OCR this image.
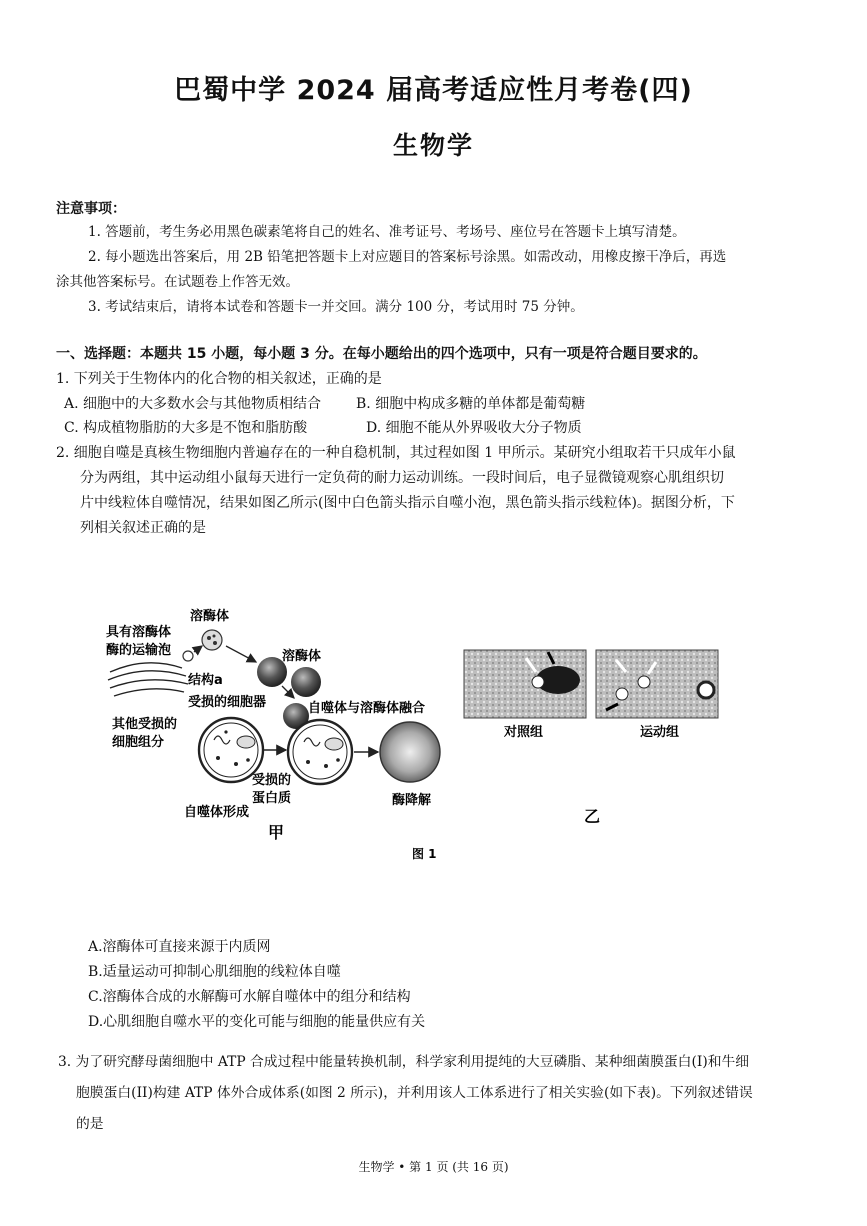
巴蜀中学 2024 届高考适应性月考卷(四)
生物学
注意事项：
1. 答题前，考生务必用黑色碳素笔将自己的姓名、准考证号、考场号、座位号在答题卡上填写清楚。
2. 每小题选出答案后，用 2B 铅笔把答题卡上对应题目的答案标号涂黑。如需改动，用橡皮擦干净后，再选
涂其他答案标号。在试题卷上作答无效。
3. 考试结束后，请将本试卷和答题卡一并交回。满分 100 分，考试用时 75 分钟。
一、选择题：本题共 15 小题，每小题 3 分。在每小题给出的四个选项中，只有一项是符合题目要求的。
1. 下列关于生物体内的化合物的相关叙述，正确的是
A. 细胞中的大多数水会与其他物质相结合 B. 细胞中构成多糖的单体都是葡萄糖
C. 构成植物脂肪的大多是不饱和脂肪酸	D. 细胞不能从外界吸收大分子物质
2. 细胞自噬是真核生物细胞内普遍存在的一种自稳机制，其过程如图 1 甲所示。某研究小组取若干只成年小鼠
分为两组，其中运动组小鼠每天进行一定负荷的耐力运动训练。一段时间后，电子显微镜观察心肌组织切
片中线粒体自噬情况，结果如图乙所示(图中白色箭头指示自噬小泡，黑色箭头指示线粒体)。据图分析，下
列相关叙述正确的是
溶酶体
具有溶酶体
酶的运输泡
结构a
溶酶体
受损的细胞器	自噬体与溶酶体融合
其他受损的
细胞组分
受损的
蛋白质	酶降解
自噬体形成
甲
对照组	运动组
乙
图 1
A.溶酶体可直接来源于内质网
B.适量运动可抑制心肌细胞的线粒体自噬
C.溶酶体合成的水解酶可水解自噬体中的组分和结构
D.心肌细胞自噬水平的变化可能与细胞的能量供应有关
3. 为了研究酵母菌细胞中 ATP 合成过程中能量转换机制，科学家利用提纯的大豆磷脂、某种细菌膜蛋白(I)和牛细
胞膜蛋白(II)构建 ATP 体外合成体系(如图 2 所示)，并利用该人工体系进行了相关实验(如下表)。下列叙述错误
的是
生物学 • 第 1 页 (共 16 页)
